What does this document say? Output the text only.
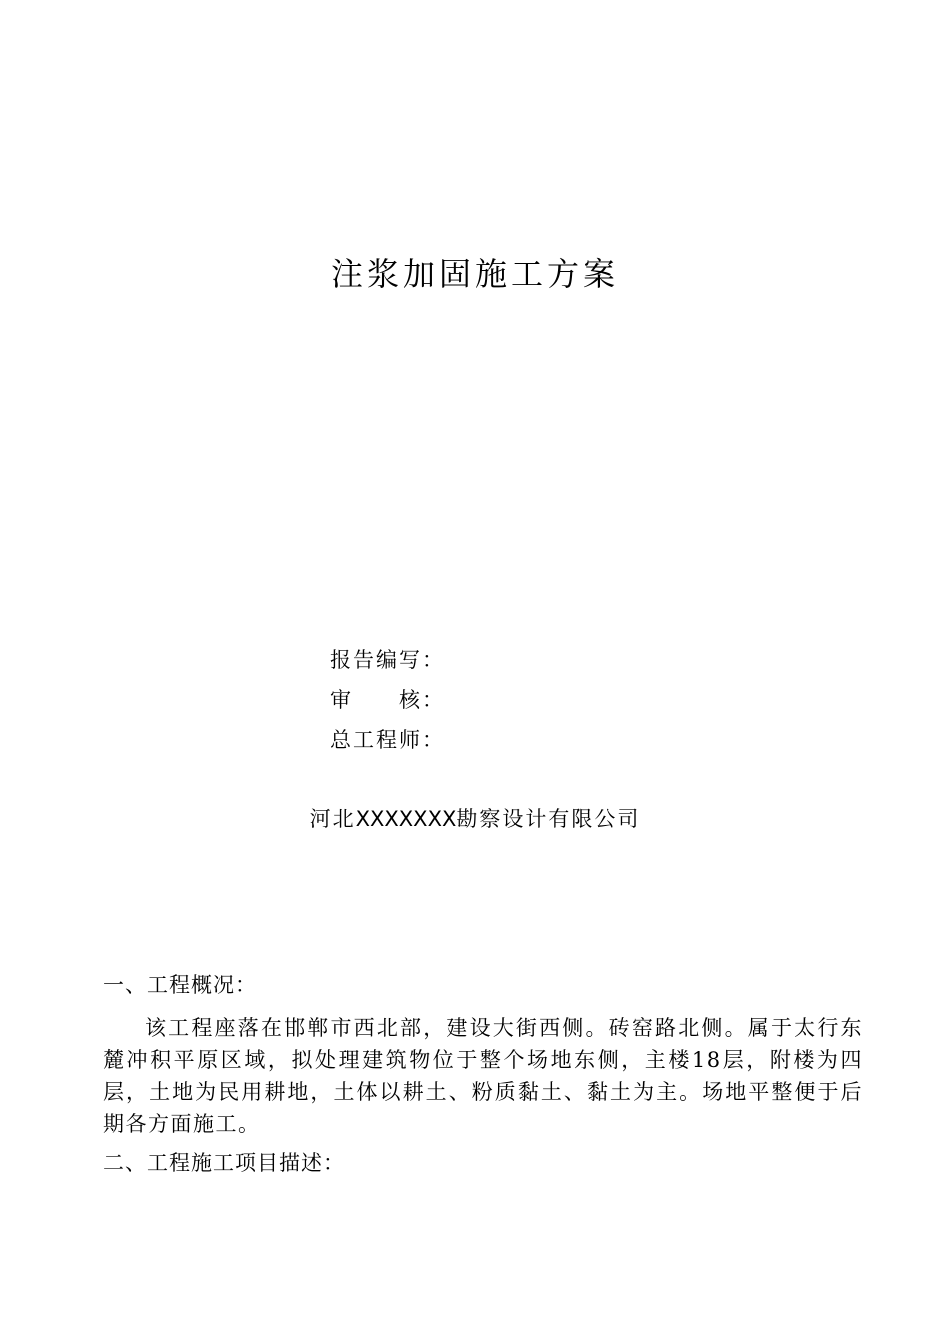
注浆加固施工方案
报告编写：
审　　核：
总工程师：
河北XXXXXXX勘察设计有限公司
一、工程概况：

该工程座落在邯郸市西北部，建设大街西侧。砖窑路北侧。属于太行东麓冲积平原区域，拟处理建筑物位于整个场地东侧，主楼18层，附楼为四层，土地为民用耕地，土体以耕土、粉质黏土、黏土为主。场地平整便于后期各方面施工。

二、工程施工项目描述：
